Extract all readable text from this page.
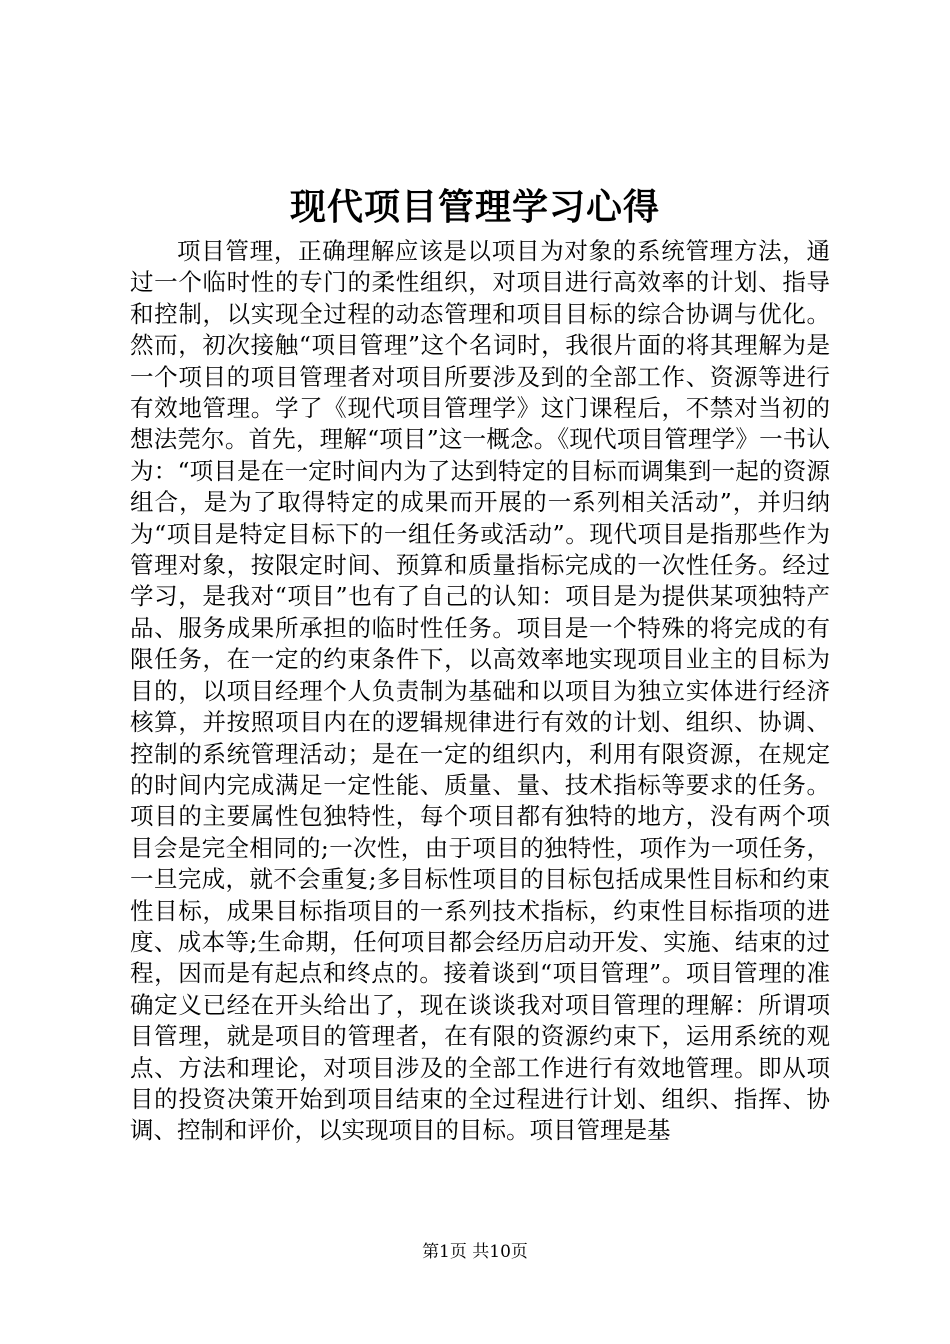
现代项目管理学习心得

项目管理，正确理解应该是以项目为对象的系统管理方法，通过一个临时性的专门的柔性组织，对项目进行高效率的计划、指导和控制，以实现全过程的动态管理和项目目标的综合协调与优化。然而，初次接触“项目管理”这个名词时，我很片面的将其理解为是一个项目的项目管理者对项目所要涉及到的全部工作、资源等进行有效地管理。学了《现代项目管理学》这门课程后，不禁对当初的想法莞尔。首先，理解“项目”这一概念。《现代项目管理学》一书认为：“项目是在一定时间内为了达到特定的目标而调集到一起的资源组合，是为了取得特定的成果而开展的一系列相关活动”，并归纳为“项目是特定目标下的一组任务或活动”。现代项目是指那些作为管理对象，按限定时间、预算和质量指标完成的一次性任务。经过学习，是我对“项目”也有了自己的认知：项目是为提供某项独特产品、服务成果所承担的临时性任务。项目是一个特殊的将完成的有限任务，在一定的约束条件下，以高效率地实现项目业主的目标为目的，以项目经理个人负责制为基础和以项目为独立实体进行经济核算，并按照项目内在的逻辑规律进行有效的计划、组织、协调、控制的系统管理活动；是在一定的组织内，利用有限资源，在规定的时间内完成满足一定性能、质量、量、技术指标等要求的任务。项目的主要属性包独特性，每个项目都有独特的地方，没有两个项目会是完全相同的;一次性，由于项目的独特性，项作为一项任务，一旦完成，就不会重复;多目标性项目的目标包括成果性目标和约束性目标，成果目标指项目的一系列技术指标，约束性目标指项的进度、成本等;生命期，任何项目都会经历启动开发、实施、结束的过程，因而是有起点和终点的。接着谈到“项目管理”。项目管理的准确定义已经在开头给出了，现在谈谈我对项目管理的理解：所谓项目管理，就是项目的管理者，在有限的资源约束下，运用系统的观点、方法和理论，对项目涉及的全部工作进行有效地管理。即从项目的投资决策开始到项目结束的全过程进行计划、组织、指挥、协调、控制和评价，以实现项目的目标。项目管理是基

第1页 共10页
